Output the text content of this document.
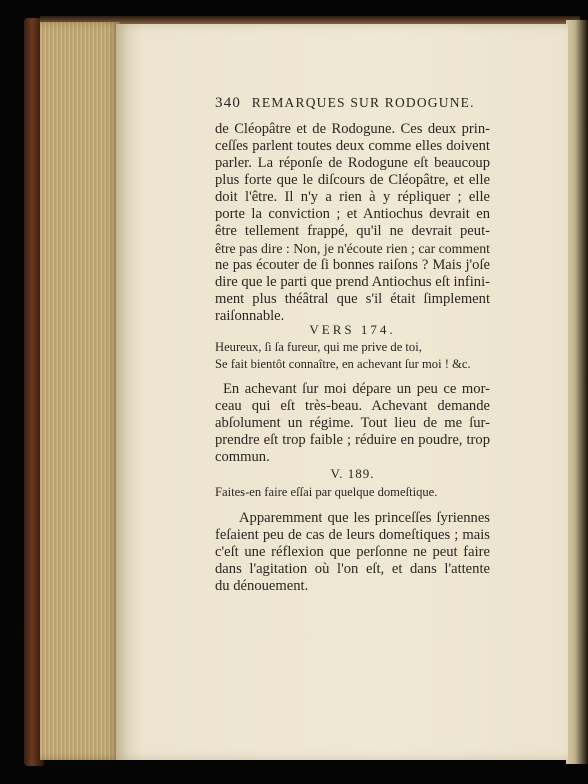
340 REMARQUES SUR RODOGUNE.
de Cléopâtre et de Rodogune. Ces deux prin-
ceſſes parlent toutes deux comme elles doivent
parler. La réponſe de Rodogune eſt beaucoup
plus forte que le diſcours de Cléopâtre, et elle
doit l'être. Il n'y a rien à y répliquer ; elle
porte la conviction ; et Antiochus devrait en
être tellement frappé, qu'il ne devrait peut-
être pas dire : Non, je n'écoute rien ; car comment
ne pas écouter de ſi bonnes raiſons ? Mais j'oſe
dire que le parti que prend Antiochus eſt infini-
ment plus théâtral que s'il était ſimplement
raiſonnable.
VERS 174.
Heureux, ſi ſa fureur, qui me prive de toi,
Se fait bientôt connaître, en achevant ſur moi ! &c.
En achevant ſur moi dépare un peu ce mor-
ceau qui eſt très-beau. Achevant demande
abſolument un régime. Tout lieu de me ſur-
prendre eſt trop faible ; réduire en poudre, trop
commun.
V. 189.
Faites-en faire eſſai par quelque domeſtique.
Apparemment que les princeſſes ſyriennes
feſaient peu de cas de leurs domeſtiques ; mais
c'eſt une réflexion que perſonne ne peut faire
dans l'agitation où l'on eſt, et dans l'attente
du dénouement.
